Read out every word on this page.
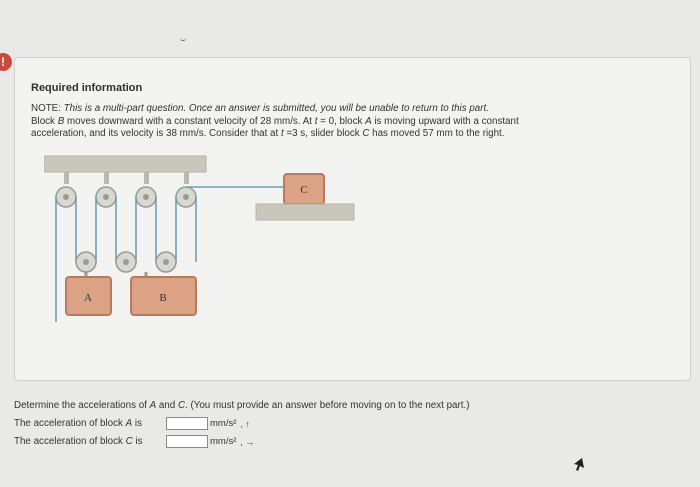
!
Required information
NOTE: This is a multi-part question. Once an answer is submitted, you will be unable to return to this part.
Block B moves downward with a constant velocity of 28 mm/s. At t = 0, block A is moving upward with a constant
acceleration, and its velocity is 38 mm/s. Consider that at t =3 s, slider block C has moved 57 mm to the right.
A	B
C
Determine the accelerations of A and C. (You must provide an answer before moving on to the next part.)
The acceleration of block A is	mm/s² , ↑
The acceleration of block C is	mm/s² , →
